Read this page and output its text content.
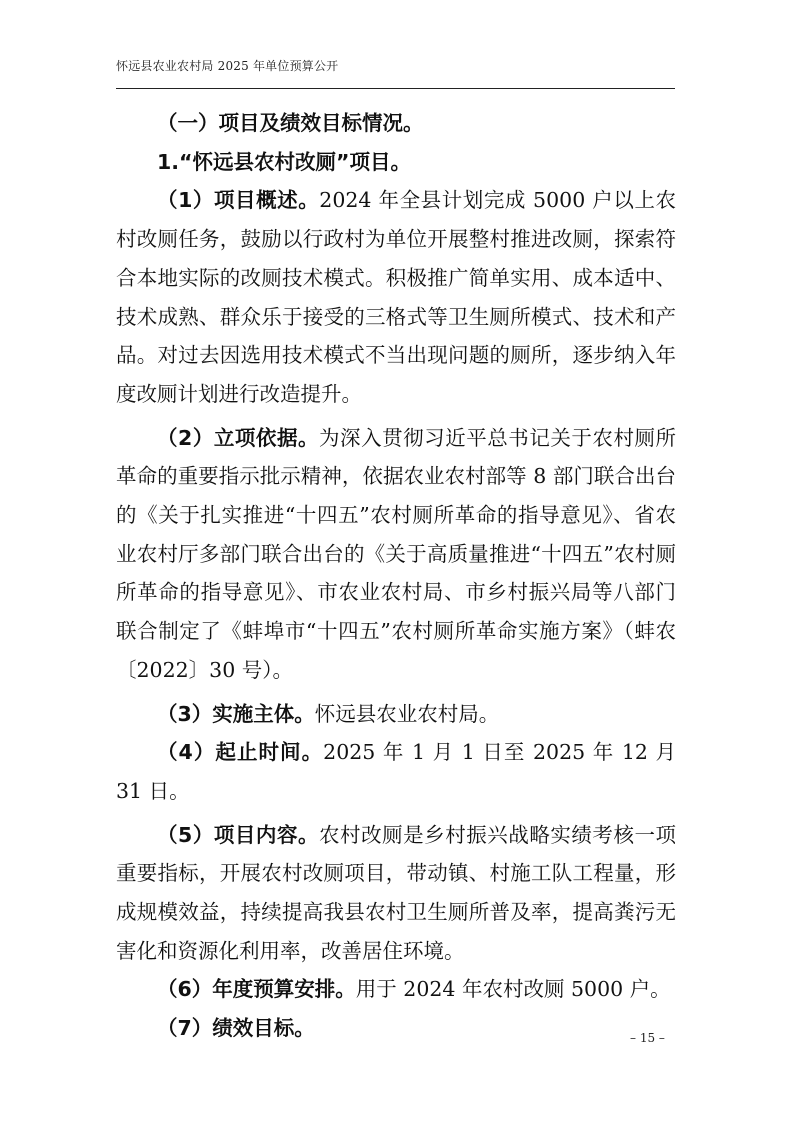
怀远县农业农村局 2025 年单位预算公开

（一）项目及绩效目标情况。

1.“怀远县农村改厕”项目。

（1）项目概述。2024 年全县计划完成 5000 户以上农村改厕任务，鼓励以行政村为单位开展整村推进改厕，探索符合本地实际的改厕技术模式。积极推广简单实用、成本适中、技术成熟、群众乐于接受的三格式等卫生厕所模式、技术和产品。对过去因选用技术模式不当出现问题的厕所，逐步纳入年度改厕计划进行改造提升。

（2）立项依据。为深入贯彻习近平总书记关于农村厕所革命的重要指示批示精神，依据农业农村部等 8 部门联合出台的《关于扎实推进“十四五”农村厕所革命的指导意见》、省农业农村厅多部门联合出台的《关于高质量推进“十四五”农村厕所革命的指导意见》、市农业农村局、市乡村振兴局等八部门联合制定了《蚌埠市“十四五”农村厕所革命实施方案》（蚌农〔2022〕30 号）。

（3）实施主体。怀远县农业农村局。

（4）起止时间。2025 年 1 月 1 日至 2025 年 12 月 31 日。

（5）项目内容。农村改厕是乡村振兴战略实绩考核一项重要指标，开展农村改厕项目，带动镇、村施工队工程量，形成规模效益，持续提高我县农村卫生厕所普及率，提高粪污无害化和资源化利用率，改善居住环境。

（6）年度预算安排。用于 2024 年农村改厕 5000 户。

（7）绩效目标。	– 15 –
